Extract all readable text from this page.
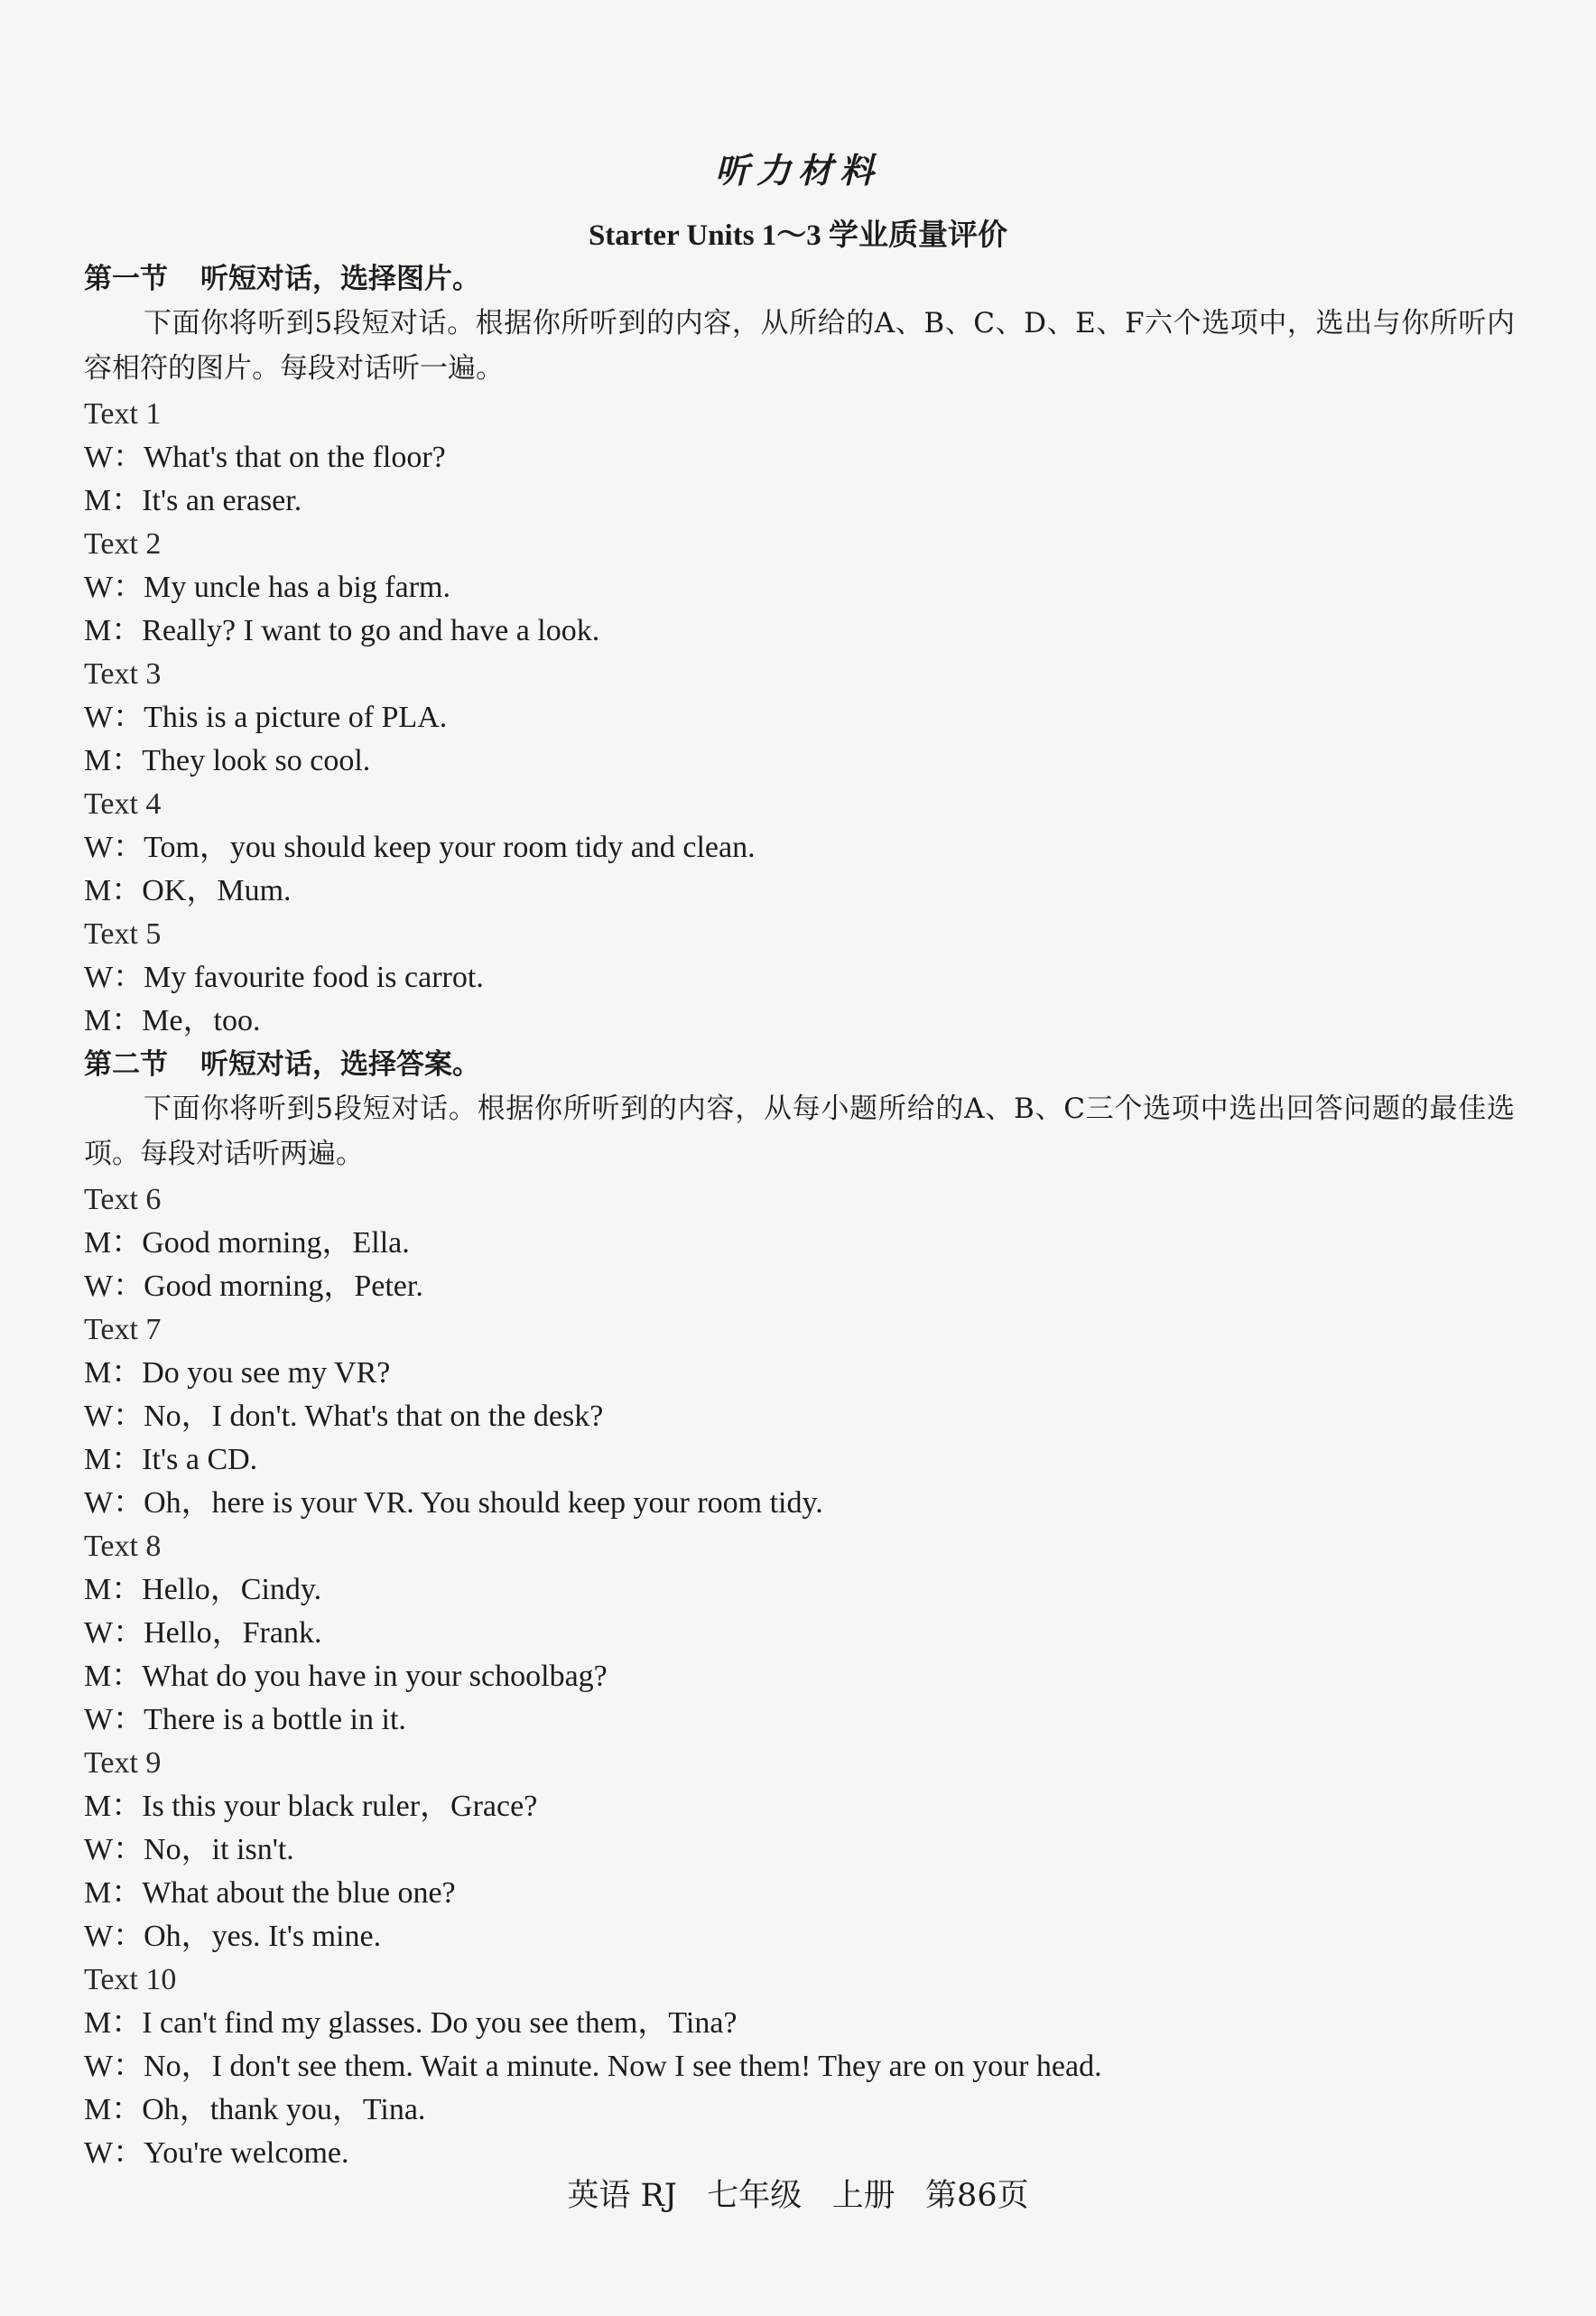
听力材料
Starter Units 1～3 学业质量评价
第一节 听短对话，选择图片。
下面你将听到5段短对话。根据你所听到的内容，从所给的A、B、C、D、E、F六个选项中，选出与你所听内容相符的图片。每段对话听一遍。
Text 1
W：What's that on the floor?
M：It's an eraser.
Text 2
W：My uncle has a big farm.
M：Really? I want to go and have a look.
Text 3
W：This is a picture of PLA.
M：They look so cool.
Text 4
W：Tom，you should keep your room tidy and clean.
M：OK，Mum.
Text 5
W：My favourite food is carrot.
M：Me，too.
第二节 听短对话，选择答案。
下面你将听到5段短对话。根据你所听到的内容，从每小题所给的A、B、C三个选项中选出回答问题的最佳选项。每段对话听两遍。
Text 6
M：Good morning，Ella.
W：Good morning，Peter.
Text 7
M：Do you see my VR?
W：No，I don't. What's that on the desk?
M：It's a CD.
W：Oh，here is your VR. You should keep your room tidy.
Text 8
M：Hello，Cindy.
W：Hello，Frank.
M：What do you have in your schoolbag?
W：There is a bottle in it.
Text 9
M：Is this your black ruler，Grace?
W：No，it isn't.
M：What about the blue one?
W：Oh，yes. It's mine.
Text 10
M：I can't find my glasses. Do you see them，Tina?
W：No，I don't see them. Wait a minute. Now I see them! They are on your head.
M：Oh，thank you，Tina.
W：You're welcome.
英语 RJ   七年级   上册   第86页
